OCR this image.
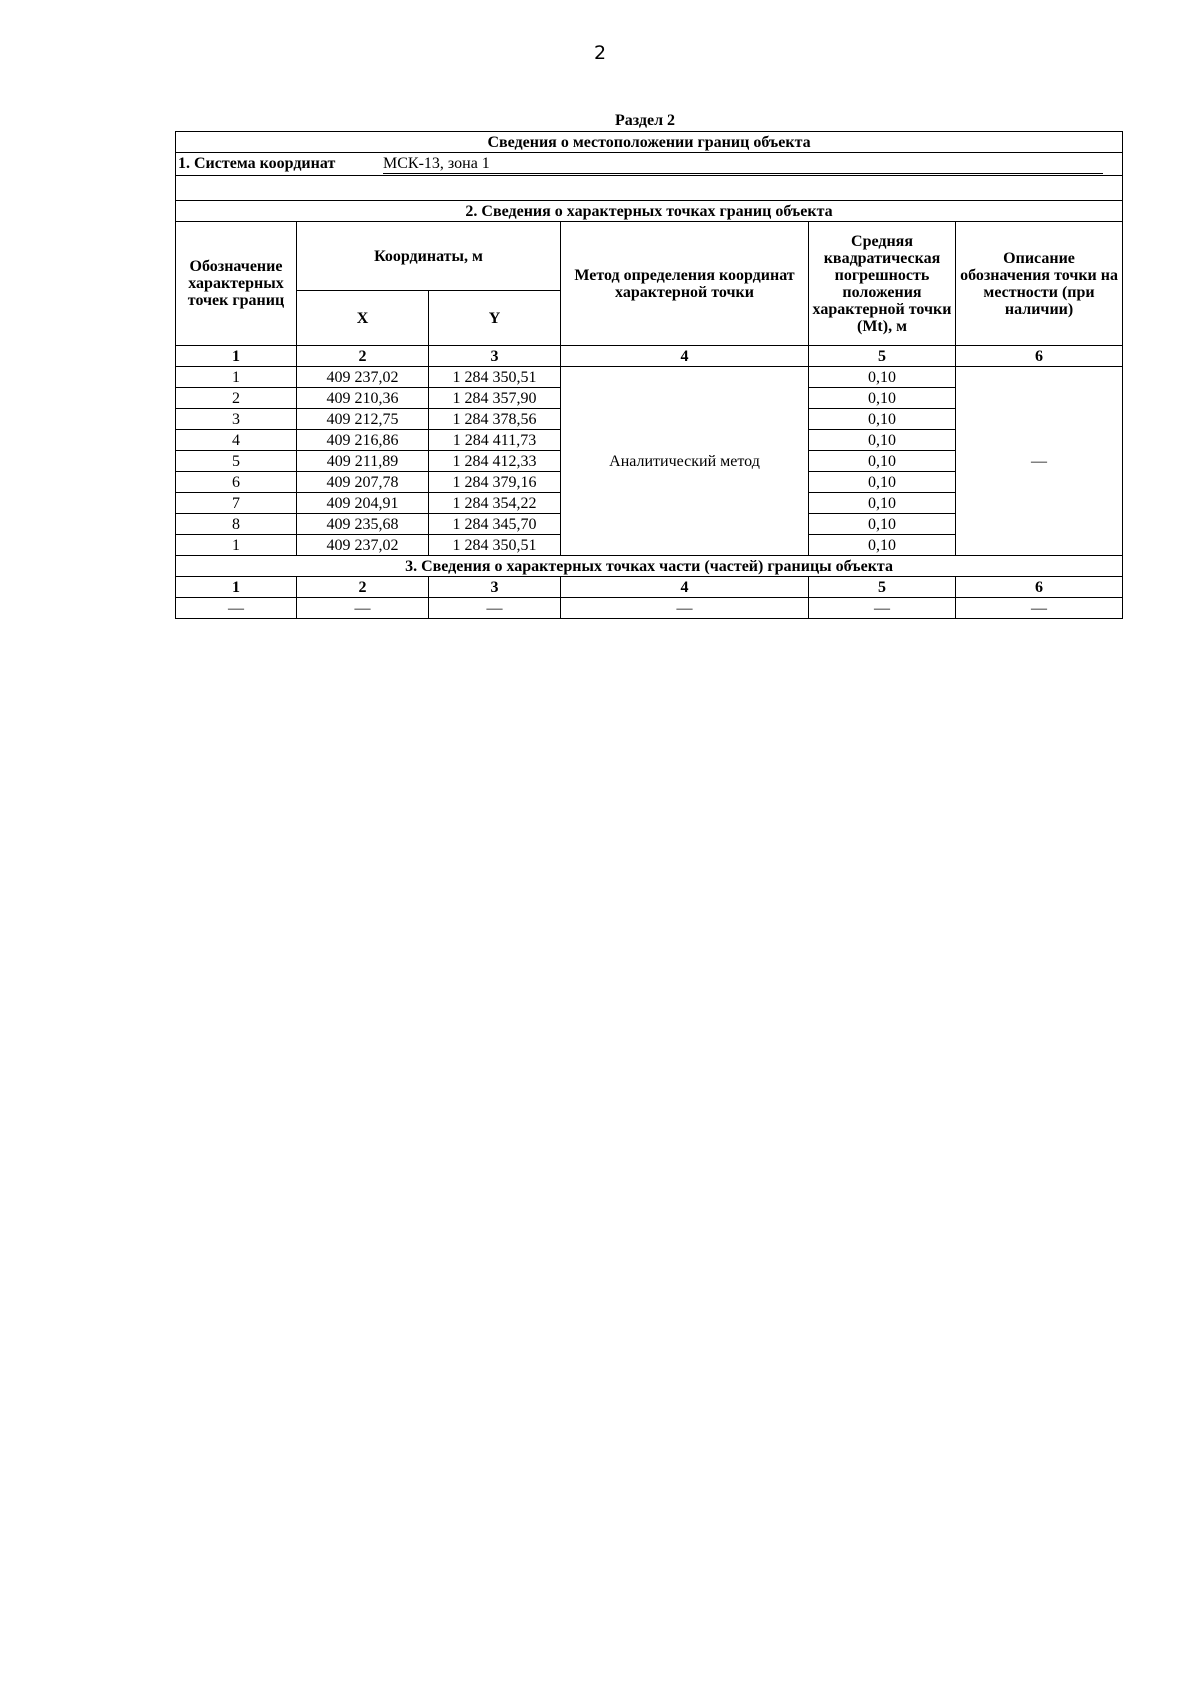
2
Раздел 2
Сведения о местоположении границ объекта					
1. Система координат МСК-13, зона 1					

2. Сведения о характерных точках границ объекта					
Обозначение характерных точек границ	Координаты, м		Метод определения координат характерной точки	Средняя квадратическая погрешность положения характерной точки (Mt), м	Описание обозначения точки на местности (при наличии)
	X	Y			
1	2	3	4	5	6
1	409 237,02	1 284 350,51	Аналитический метод	0,10	—
2	409 210,36	1 284 357,90		0,10	
3	409 212,75	1 284 378,56		0,10	
4	409 216,86	1 284 411,73		0,10	
5	409 211,89	1 284 412,33		0,10	
6	409 207,78	1 284 379,16		0,10	
7	409 204,91	1 284 354,22		0,10	
8	409 235,68	1 284 345,70		0,10	
1	409 237,02	1 284 350,51		0,10	
3. Сведения о характерных точках части (частей) границы объекта					
1	2	3	4	5	6
—	—	—	—	—	—
